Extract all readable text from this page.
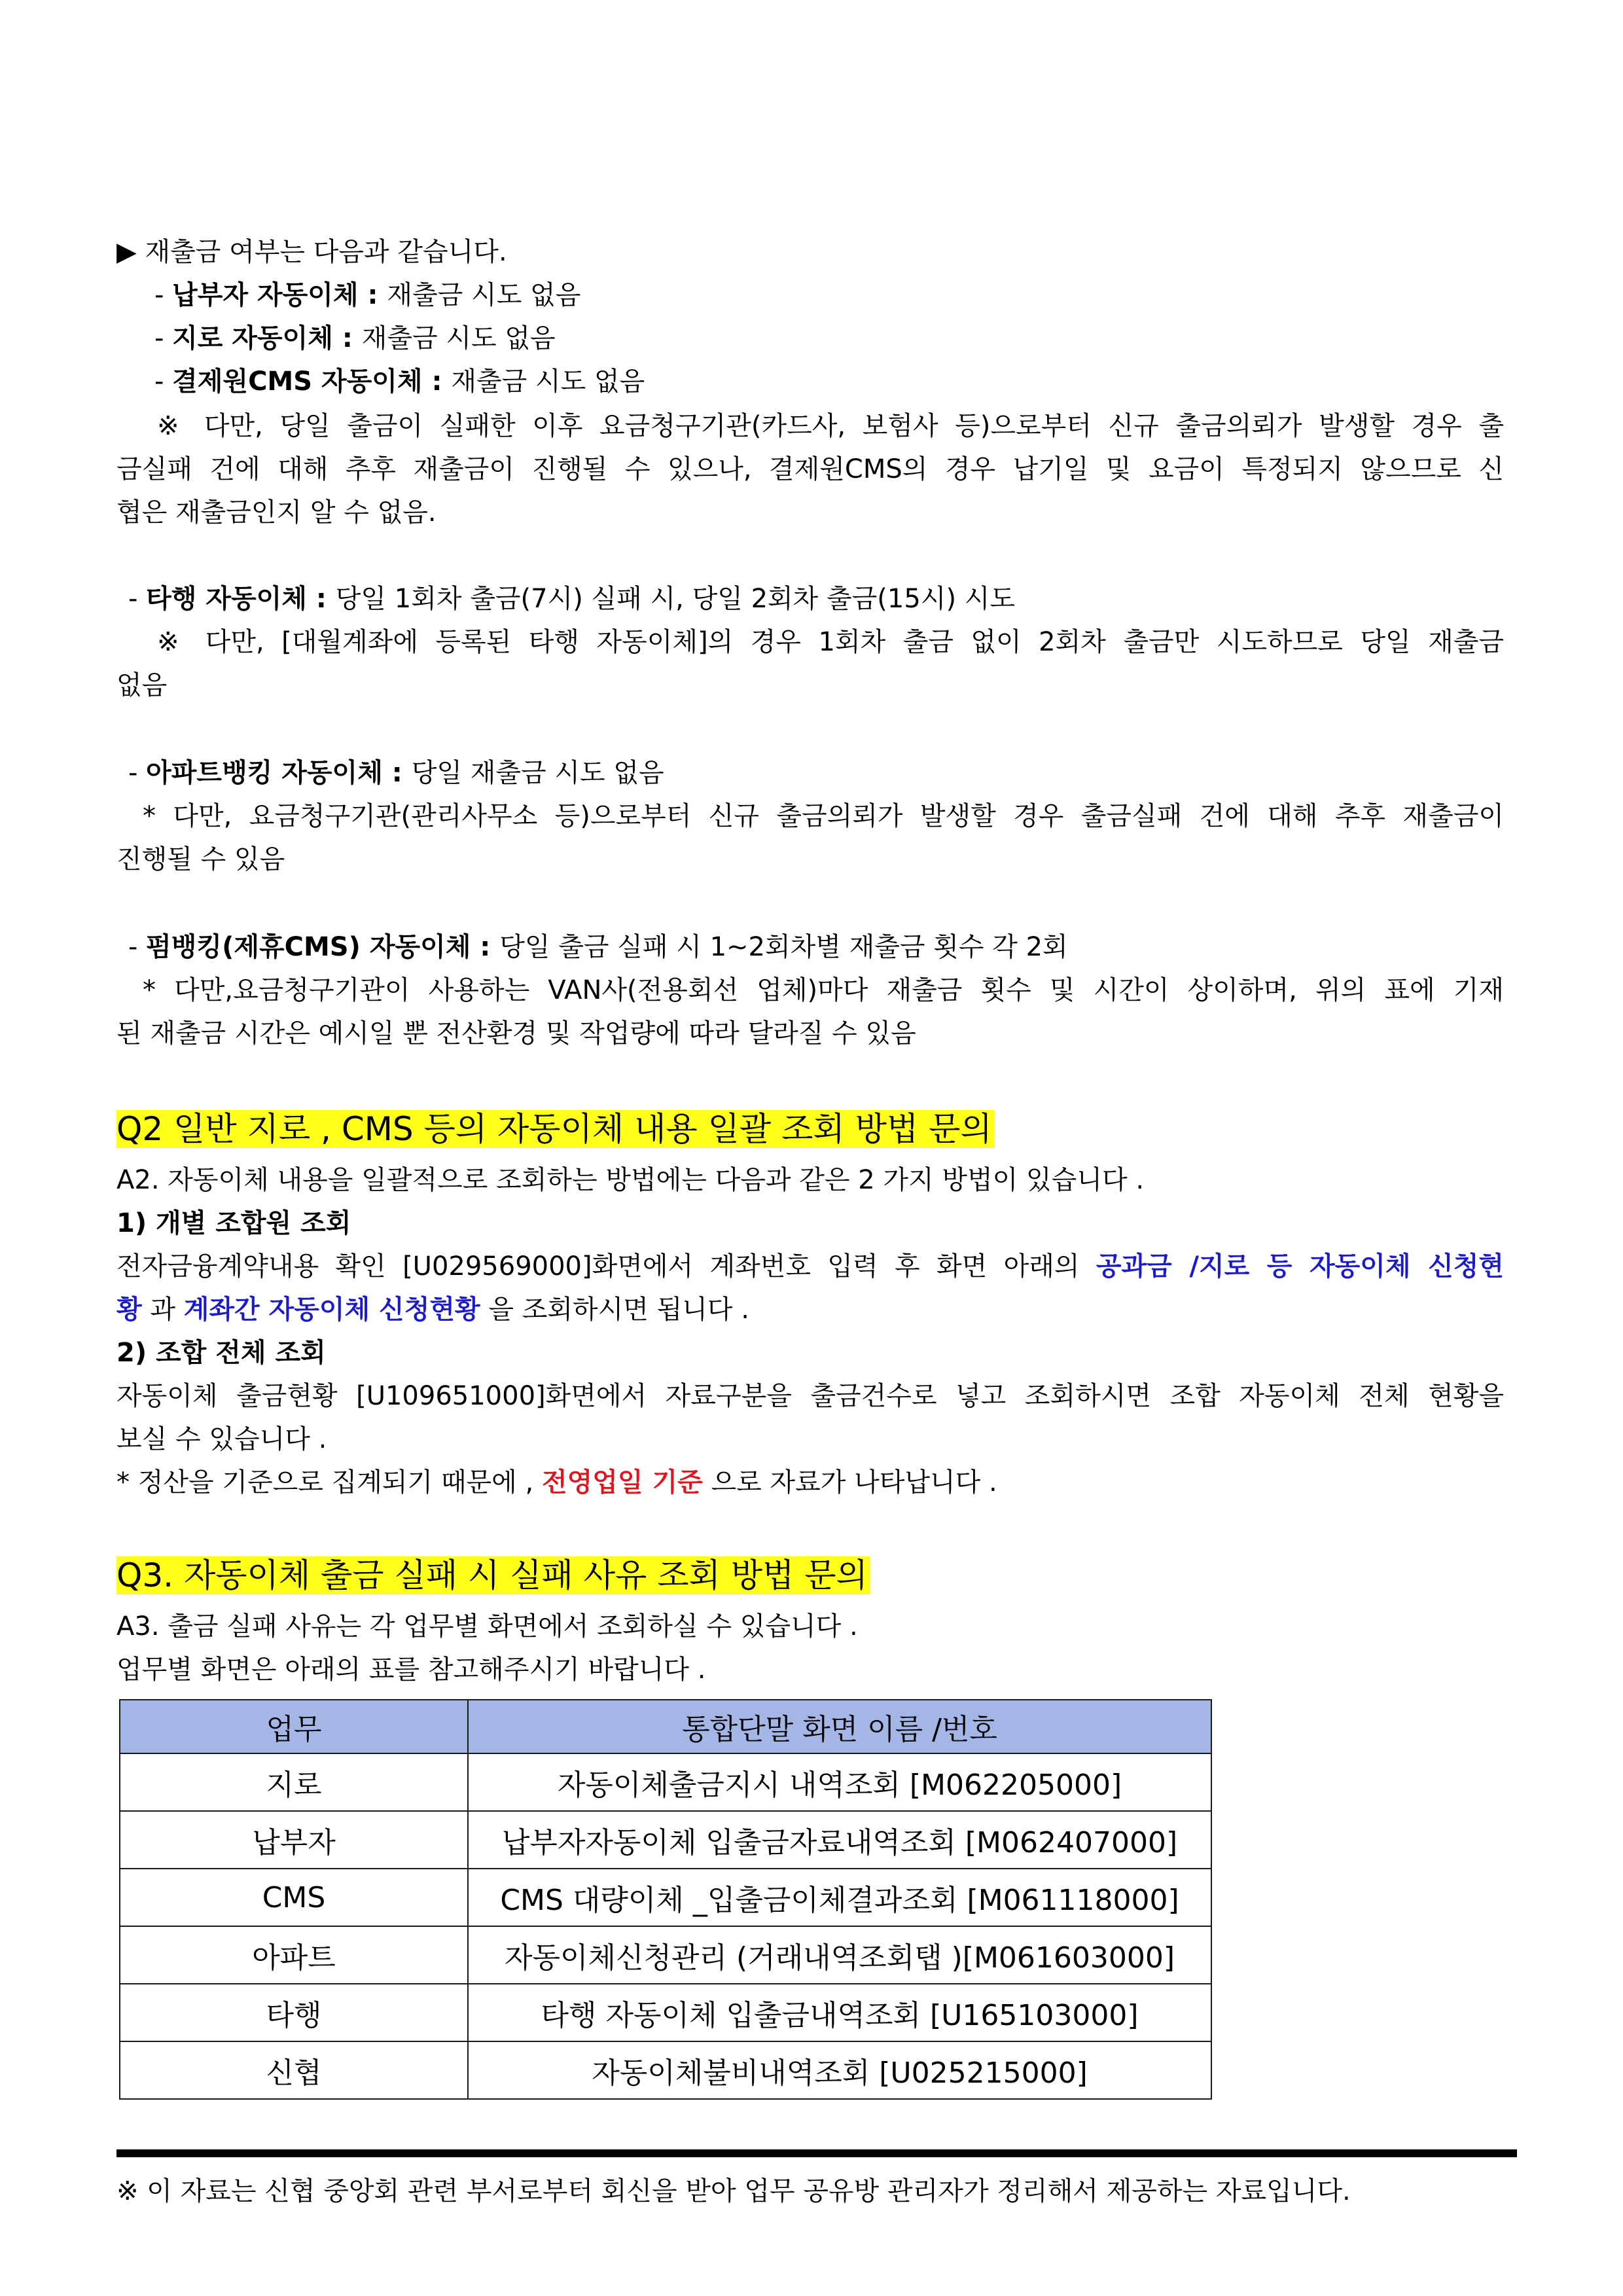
▶ 재출금 여부는 다음과 같습니다.
- 납부자 자동이체 : 재출금 시도 없음
- 지로 자동이체 : 재출금 시도 없음
- 결제원CMS 자동이체 : 재출금 시도 없음
※ 다만, 당일 출금이 실패한 이후 요금청구기관(카드사, 보험사 등)으로부터 신규 출금의뢰가 발생할 경우 출
금실패 건에 대해 추후 재출금이 진행될 수 있으나, 결제원CMS의 경우 납기일 및 요금이 특정되지 않으므로 신
협은 재출금인지 알 수 없음.
- 타행 자동이체 : 당일 1회차 출금(7시) 실패 시, 당일 2회차 출금(15시) 시도
※ 다만, [대월계좌에 등록된 타행 자동이체]의 경우 1회차 출금 없이 2회차 출금만 시도하므로 당일 재출금
없음
- 아파트뱅킹 자동이체 : 당일 재출금 시도 없음
* 다만, 요금청구기관(관리사무소 등)으로부터 신규 출금의뢰가 발생할 경우 출금실패 건에 대해 추후 재출금이
진행될 수 있음
- 펌뱅킹(제휴CMS) 자동이체 : 당일 출금 실패 시 1~2회차별 재출금 횟수 각 2회
* 다만,요금청구기관이 사용하는 VAN사(전용회선 업체)마다 재출금 횟수 및 시간이 상이하며, 위의 표에 기재
된 재출금 시간은 예시일 뿐 전산환경 및 작업량에 따라 달라질 수 있음
Q2 일반 지로 , CMS 등의 자동이체 내용 일괄 조회 방법 문의
A2. 자동이체 내용을 일괄적으로 조회하는 방법에는 다음과 같은 2 가지 방법이 있습니다 .
1) 개별 조합원 조회
전자금융계약내용 확인 [U029569000]화면에서 계좌번호 입력 후 화면 아래의 공과금 /지로 등 자동이체 신청현
황 과 계좌간 자동이체 신청현황 을 조회하시면 됩니다 .
2) 조합 전체 조회
자동이체 출금현황 [U109651000]화면에서 자료구분을 출금건수로 넣고 조회하시면 조합 자동이체 전체 현황을
보실 수 있습니다 .
* 정산을 기준으로 집계되기 때문에 , 전영업일 기준 으로 자료가 나타납니다 .
Q3. 자동이체 출금 실패 시 실패 사유 조회 방법 문의
A3. 출금 실패 사유는 각 업무별 화면에서 조회하실 수 있습니다 .
업무별 화면은 아래의 표를 참고해주시기 바랍니다 .
업무	통합단말 화면 이름 /번호
지로	자동이체출금지시 내역조회 [M062205000]
납부자	납부자자동이체 입출금자료내역조회 [M062407000]
CMS	CMS 대량이체 _입출금이체결과조회 [M061118000]
아파트	자동이체신청관리 (거래내역조회탭 )[M061603000]
타행	타행 자동이체 입출금내역조회 [U165103000]
신협	자동이체불비내역조회 [U025215000]
※ 이 자료는 신협 중앙회 관련 부서로부터 회신을 받아 업무 공유방 관리자가 정리해서 제공하는 자료입니다.
